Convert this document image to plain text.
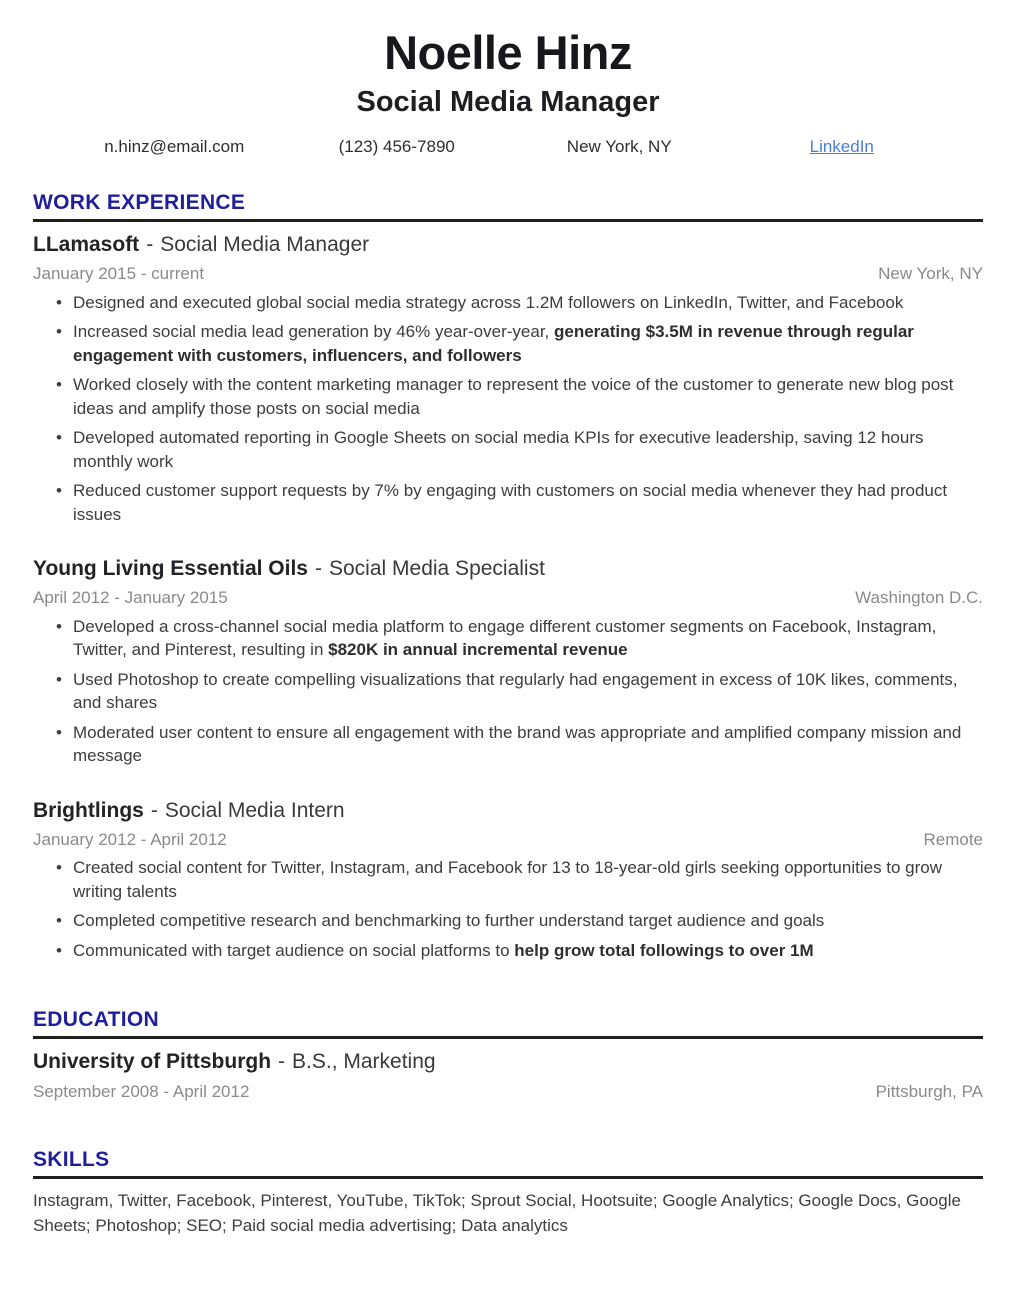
Noelle Hinz
Social Media Manager
n.hinz@email.com	(123) 456-7890	New York, NY	LinkedIn
WORK EXPERIENCE
LLamasoft - Social Media Manager
January 2015 - current	New York, NY
• Designed and executed global social media strategy across 1.2M followers on LinkedIn, Twitter, and Facebook
• Increased social media lead generation by 46% year-over-year, generating $3.5M in revenue through regular engagement with customers, influencers, and followers
• Worked closely with the content marketing manager to represent the voice of the customer to generate new blog post ideas and amplify those posts on social media
• Developed automated reporting in Google Sheets on social media KPIs for executive leadership, saving 12 hours monthly work
• Reduced customer support requests by 7% by engaging with customers on social media whenever they had product issues
Young Living Essential Oils - Social Media Specialist
April 2012 - January 2015	Washington D.C.
• Developed a cross-channel social media platform to engage different customer segments on Facebook, Instagram, Twitter, and Pinterest, resulting in $820K in annual incremental revenue
• Used Photoshop to create compelling visualizations that regularly had engagement in excess of 10K likes, comments, and shares
• Moderated user content to ensure all engagement with the brand was appropriate and amplified company mission and message
Brightlings - Social Media Intern
January 2012 - April 2012	Remote
• Created social content for Twitter, Instagram, and Facebook for 13 to 18-year-old girls seeking opportunities to grow writing talents
• Completed competitive research and benchmarking to further understand target audience and goals
• Communicated with target audience on social platforms to help grow total followings to over 1M
EDUCATION
University of Pittsburgh - B.S., Marketing
September 2008 - April 2012	Pittsburgh, PA
SKILLS
Instagram, Twitter, Facebook, Pinterest, YouTube, TikTok; Sprout Social, Hootsuite; Google Analytics; Google Docs, Google Sheets; Photoshop; SEO; Paid social media advertising; Data analytics
